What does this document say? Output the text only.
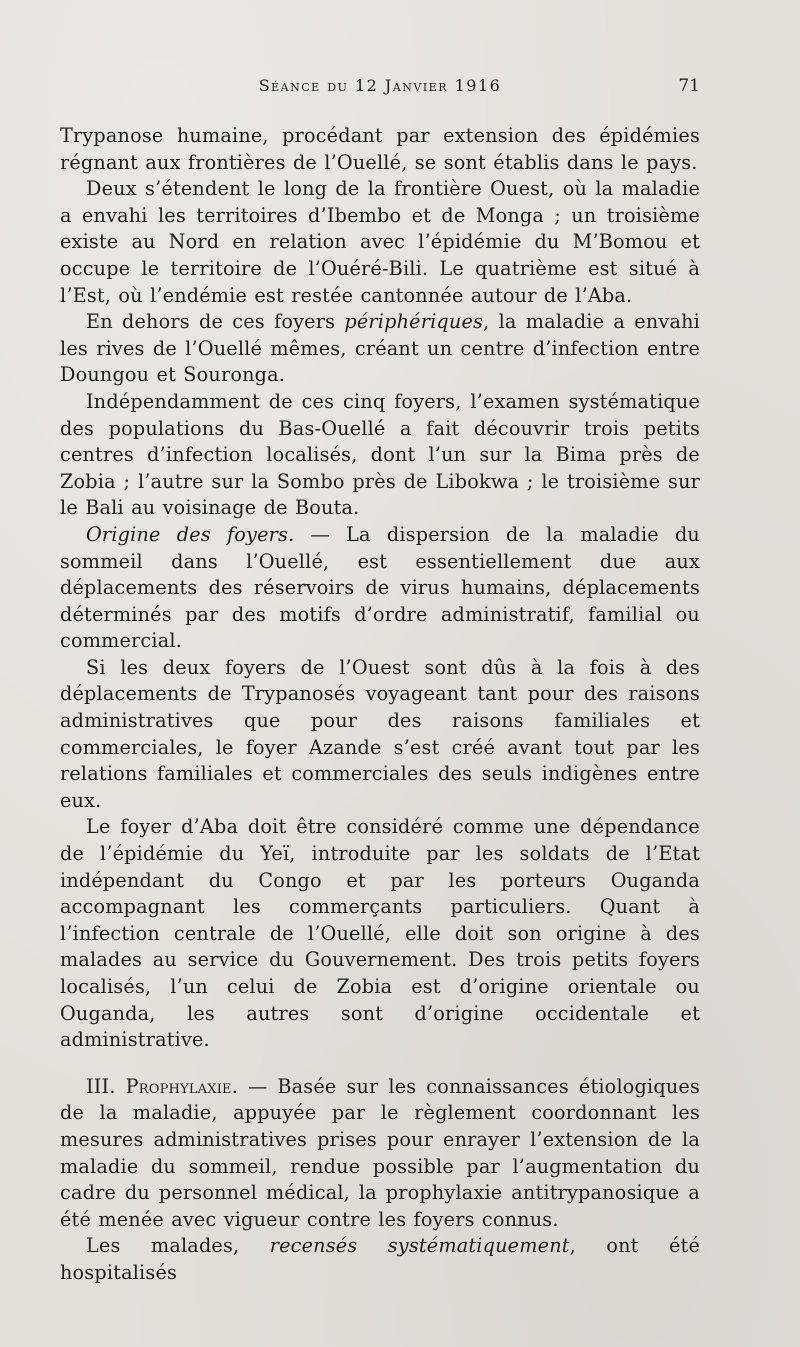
Séance du 12 Janvier 1916	71

Trypanose humaine, procédant par extension des épidémies régnant aux frontières de l’Ouellé, se sont établis dans le pays.

Deux s’étendent le long de la frontière Ouest, où la maladie a envahi les territoires d’Ibembo et de Monga ; un troisième existe au Nord en relation avec l’épidémie du M’Bomou et occupe le territoire de l’Ouéré-Bili. Le quatrième est situé à l’Est, où l’endémie est restée cantonnée autour de l’Aba.

En dehors de ces foyers périphériques, la maladie a envahi les rives de l’Ouellé mêmes, créant un centre d’infection entre Doungou et Souronga.

Indépendamment de ces cinq foyers, l’examen systématique des populations du Bas-Ouellé a fait découvrir trois petits centres d’infection localisés, dont l’un sur la Bima près de Zobia ; l’autre sur la Sombo près de Libokwa ; le troisième sur le Bali au voisinage de Bouta.

Origine des foyers. — La dispersion de la maladie du sommeil dans l’Ouellé, est essentiellement due aux déplacements des réservoirs de virus humains, déplacements déterminés par des motifs d’ordre administratif, familial ou commercial.

Si les deux foyers de l’Ouest sont dûs à la fois à des déplacements de Trypanosés voyageant tant pour des raisons administratives que pour des raisons familiales et commerciales, le foyer Azande s’est créé avant tout par les relations familiales et commerciales des seuls indigènes entre eux.

Le foyer d’Aba doit être considéré comme une dépendance de l’épidémie du Yeï, introduite par les soldats de l’Etat indépendant du Congo et par les porteurs Ouganda accompagnant les commerçants particuliers. Quant à l’infection centrale de l’Ouellé, elle doit son origine à des malades au service du Gouvernement. Des trois petits foyers localisés, l’un celui de Zobia est d’origine orientale ou Ouganda, les autres sont d’origine occidentale et administrative.

III. Prophylaxie. — Basée sur les connaissances étiologiques de la maladie, appuyée par le règlement coordonnant les mesures administratives prises pour enrayer l’extension de la maladie du sommeil, rendue possible par l’augmentation du cadre du personnel médical, la prophylaxie antitrypanosique a été menée avec vigueur contre les foyers connus.

Les malades, recensés systématiquement, ont été hospitalisés
